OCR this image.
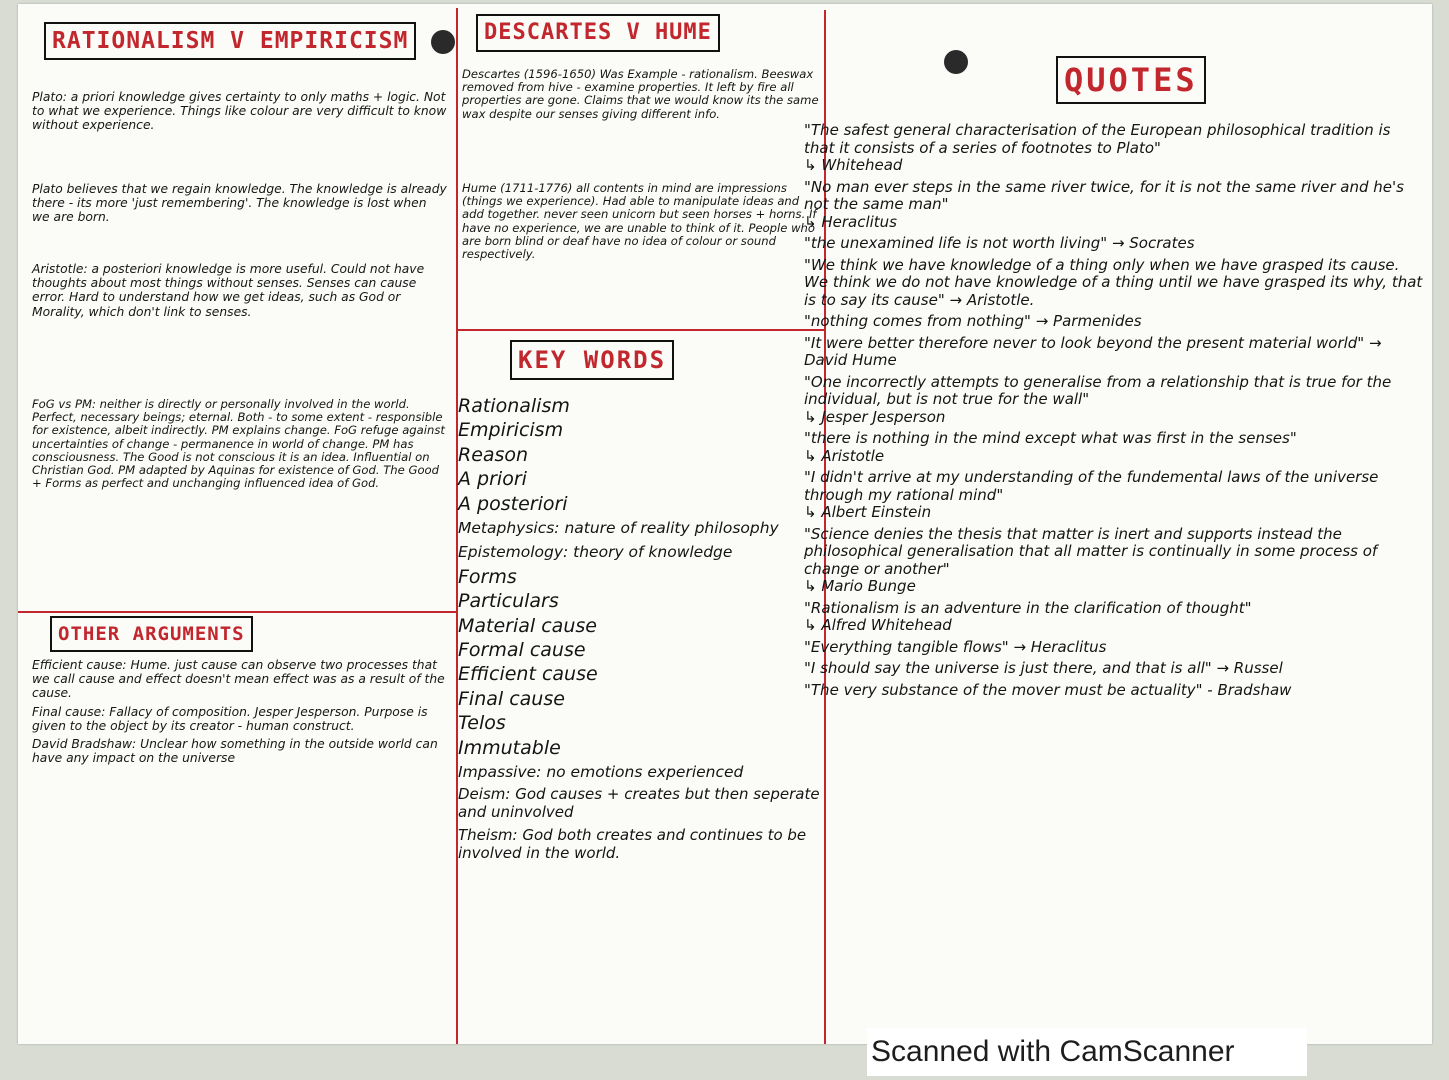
RATIONALISM V EMPIRICISM

Plato: a priori knowledge gives certainty to only maths + logic. Not to what we experience. Things like colour are very difficult to know without experience.

Plato believes that we regain knowledge. The knowledge is already there - its more 'just remembering'. The knowledge is lost when we are born.

Aristotle: a posteriori knowledge is more useful. Could not have thoughts about most things without senses. Senses can cause error. Hard to understand how we get ideas, such as God or Morality, which don't link to senses.

FoG vs PM: neither is directly or personally involved in the world. Perfect, necessary beings; eternal. Both - to some extent - responsible for existence, albeit indirectly. PM explains change. FoG refuge against uncertainties of change - permanence in world of change. PM has consciousness. The Good is not conscious it is an idea. Influential on Christian God. PM adapted by Aquinas for existence of God. The Good + Forms as perfect and unchanging influenced idea of God.

DESCARTES V HUME

Descartes (1596-1650) Was Example - rationalism. Beeswax removed from hive - examine properties. It left by fire all properties are gone. Claims that we would know its the same wax despite our senses giving different info.

Hume (1711-1776) all contents in mind are impressions (things we experience). Had able to manipulate ideas and add together. never seen unicorn but seen horses + horns. If have no experience, we are unable to think of it. People who are born blind or deaf have no idea of colour or sound respectively.

KEY WORDS
Rationalism
Empiricism
Reason
A priori
A posteriori
Metaphysics: nature of reality philosophy
Epistemology: theory of knowledge
Forms
Particulars
Material cause
Formal cause
Efficient cause
Final cause
Telos
Immutable
Impassive: no emotions experienced
Deism: God causes + creates but then seperate and uninvolved
Theism: God both creates and continues to be involved in the world.
OTHER ARGUMENTS

Efficient cause: Hume. just cause can observe two processes that we call cause and effect doesn't mean effect was as a result of the cause.

Final cause: Fallacy of composition. Jesper Jesperson. Purpose is given to the object by its creator - human construct.

David Bradshaw: Unclear how something in the outside world can have any impact on the universe

QUOTES
"The safest general characterisation of the European philosophical tradition is that it consists of a series of footnotes to Plato"
↳ Whitehead
"No man ever steps in the same river twice, for it is not the same river and he's not the same man"
↳ Heraclitus
"the unexamined life is not worth living" → Socrates
"We think we have knowledge of a thing only when we have grasped its cause. We think we do not have knowledge of a thing until we have grasped its why, that is to say its cause" → Aristotle.
"nothing comes from nothing" → Parmenides
"It were better therefore never to look beyond the present material world" → David Hume
"One incorrectly attempts to generalise from a relationship that is true for the individual, but is not true for the wall"
↳ Jesper Jesperson
"there is nothing in the mind except what was first in the senses"
↳ Aristotle
"I didn't arrive at my understanding of the fundemental laws of the universe through my rational mind"
↳ Albert Einstein
"Science denies the thesis that matter is inert and supports instead the philosophical generalisation that all matter is continually in some process of change or another"
↳ Mario Bunge
"Rationalism is an adventure in the clarification of thought"
↳ Alfred Whitehead
"Everything tangible flows" → Heraclitus
"I should say the universe is just there, and that is all" → Russel
"The very substance of the mover must be actuality" - Bradshaw
Scanned with CamScanner
